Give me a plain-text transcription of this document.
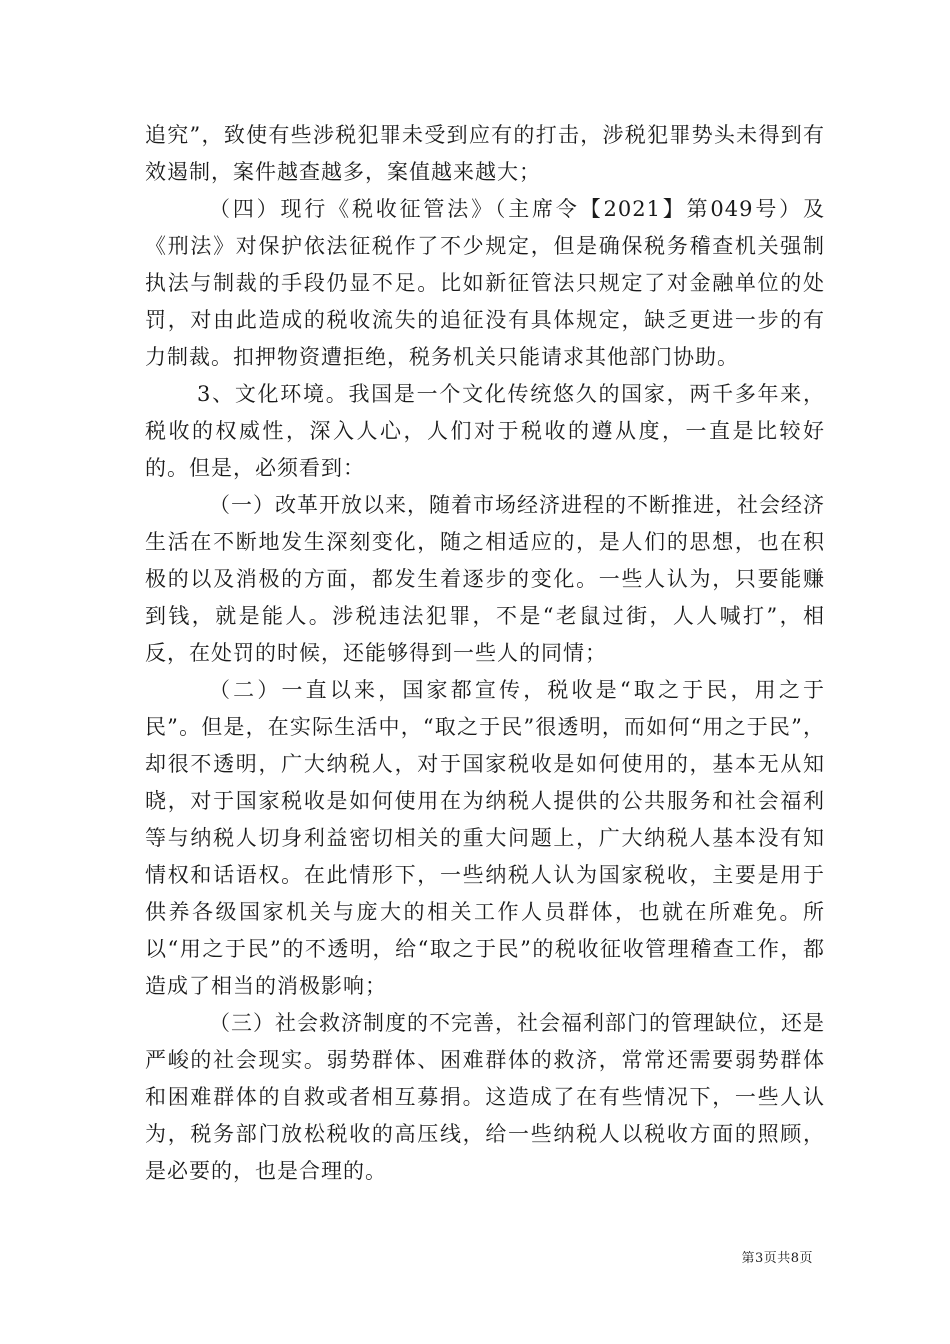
追究”，致使有些涉税犯罪未受到应有的打击，涉税犯罪势头未得到有效遏制，案件越查越多，案值越来越大；

（四）现行《税收征管法》（主席令【2021】第049号）及《刑法》对保护依法征税作了不少规定，但是确保税务稽查机关强制执法与制裁的手段仍显不足。比如新征管法只规定了对金融单位的处罚，对由此造成的税收流失的追征没有具体规定，缺乏更进一步的有力制裁。扣押物资遭拒绝，税务机关只能请求其他部门协助。

3、文化环境。我国是一个文化传统悠久的国家，两千多年来，税收的权威性，深入人心，人们对于税收的遵从度，一直是比较好的。但是，必须看到：

（一）改革开放以来，随着市场经济进程的不断推进，社会经济生活在不断地发生深刻变化，随之相适应的，是人们的思想，也在积极的以及消极的方面，都发生着逐步的变化。一些人认为，只要能赚到钱，就是能人。涉税违法犯罪，不是“老鼠过街，人人喊打”，相反，在处罚的时候，还能够得到一些人的同情；

（二）一直以来，国家都宣传，税收是“取之于民，用之于民”。但是，在实际生活中，“取之于民”很透明，而如何“用之于民”，却很不透明，广大纳税人，对于国家税收是如何使用的，基本无从知晓，对于国家税收是如何使用在为纳税人提供的公共服务和社会福利等与纳税人切身利益密切相关的重大问题上，广大纳税人基本没有知情权和话语权。在此情形下，一些纳税人认为国家税收，主要是用于供养各级国家机关与庞大的相关工作人员群体，也就在所难免。所以“用之于民”的不透明，给“取之于民”的税收征收管理稽查工作，都造成了相当的消极影响；

（三）社会救济制度的不完善，社会福利部门的管理缺位，还是严峻的社会现实。弱势群体、困难群体的救济，常常还需要弱势群体和困难群体的自救或者相互募捐。这造成了在有些情况下，一些人认为，税务部门放松税收的高压线，给一些纳税人以税收方面的照顾，是必要的，也是合理的。

第3页共8页
